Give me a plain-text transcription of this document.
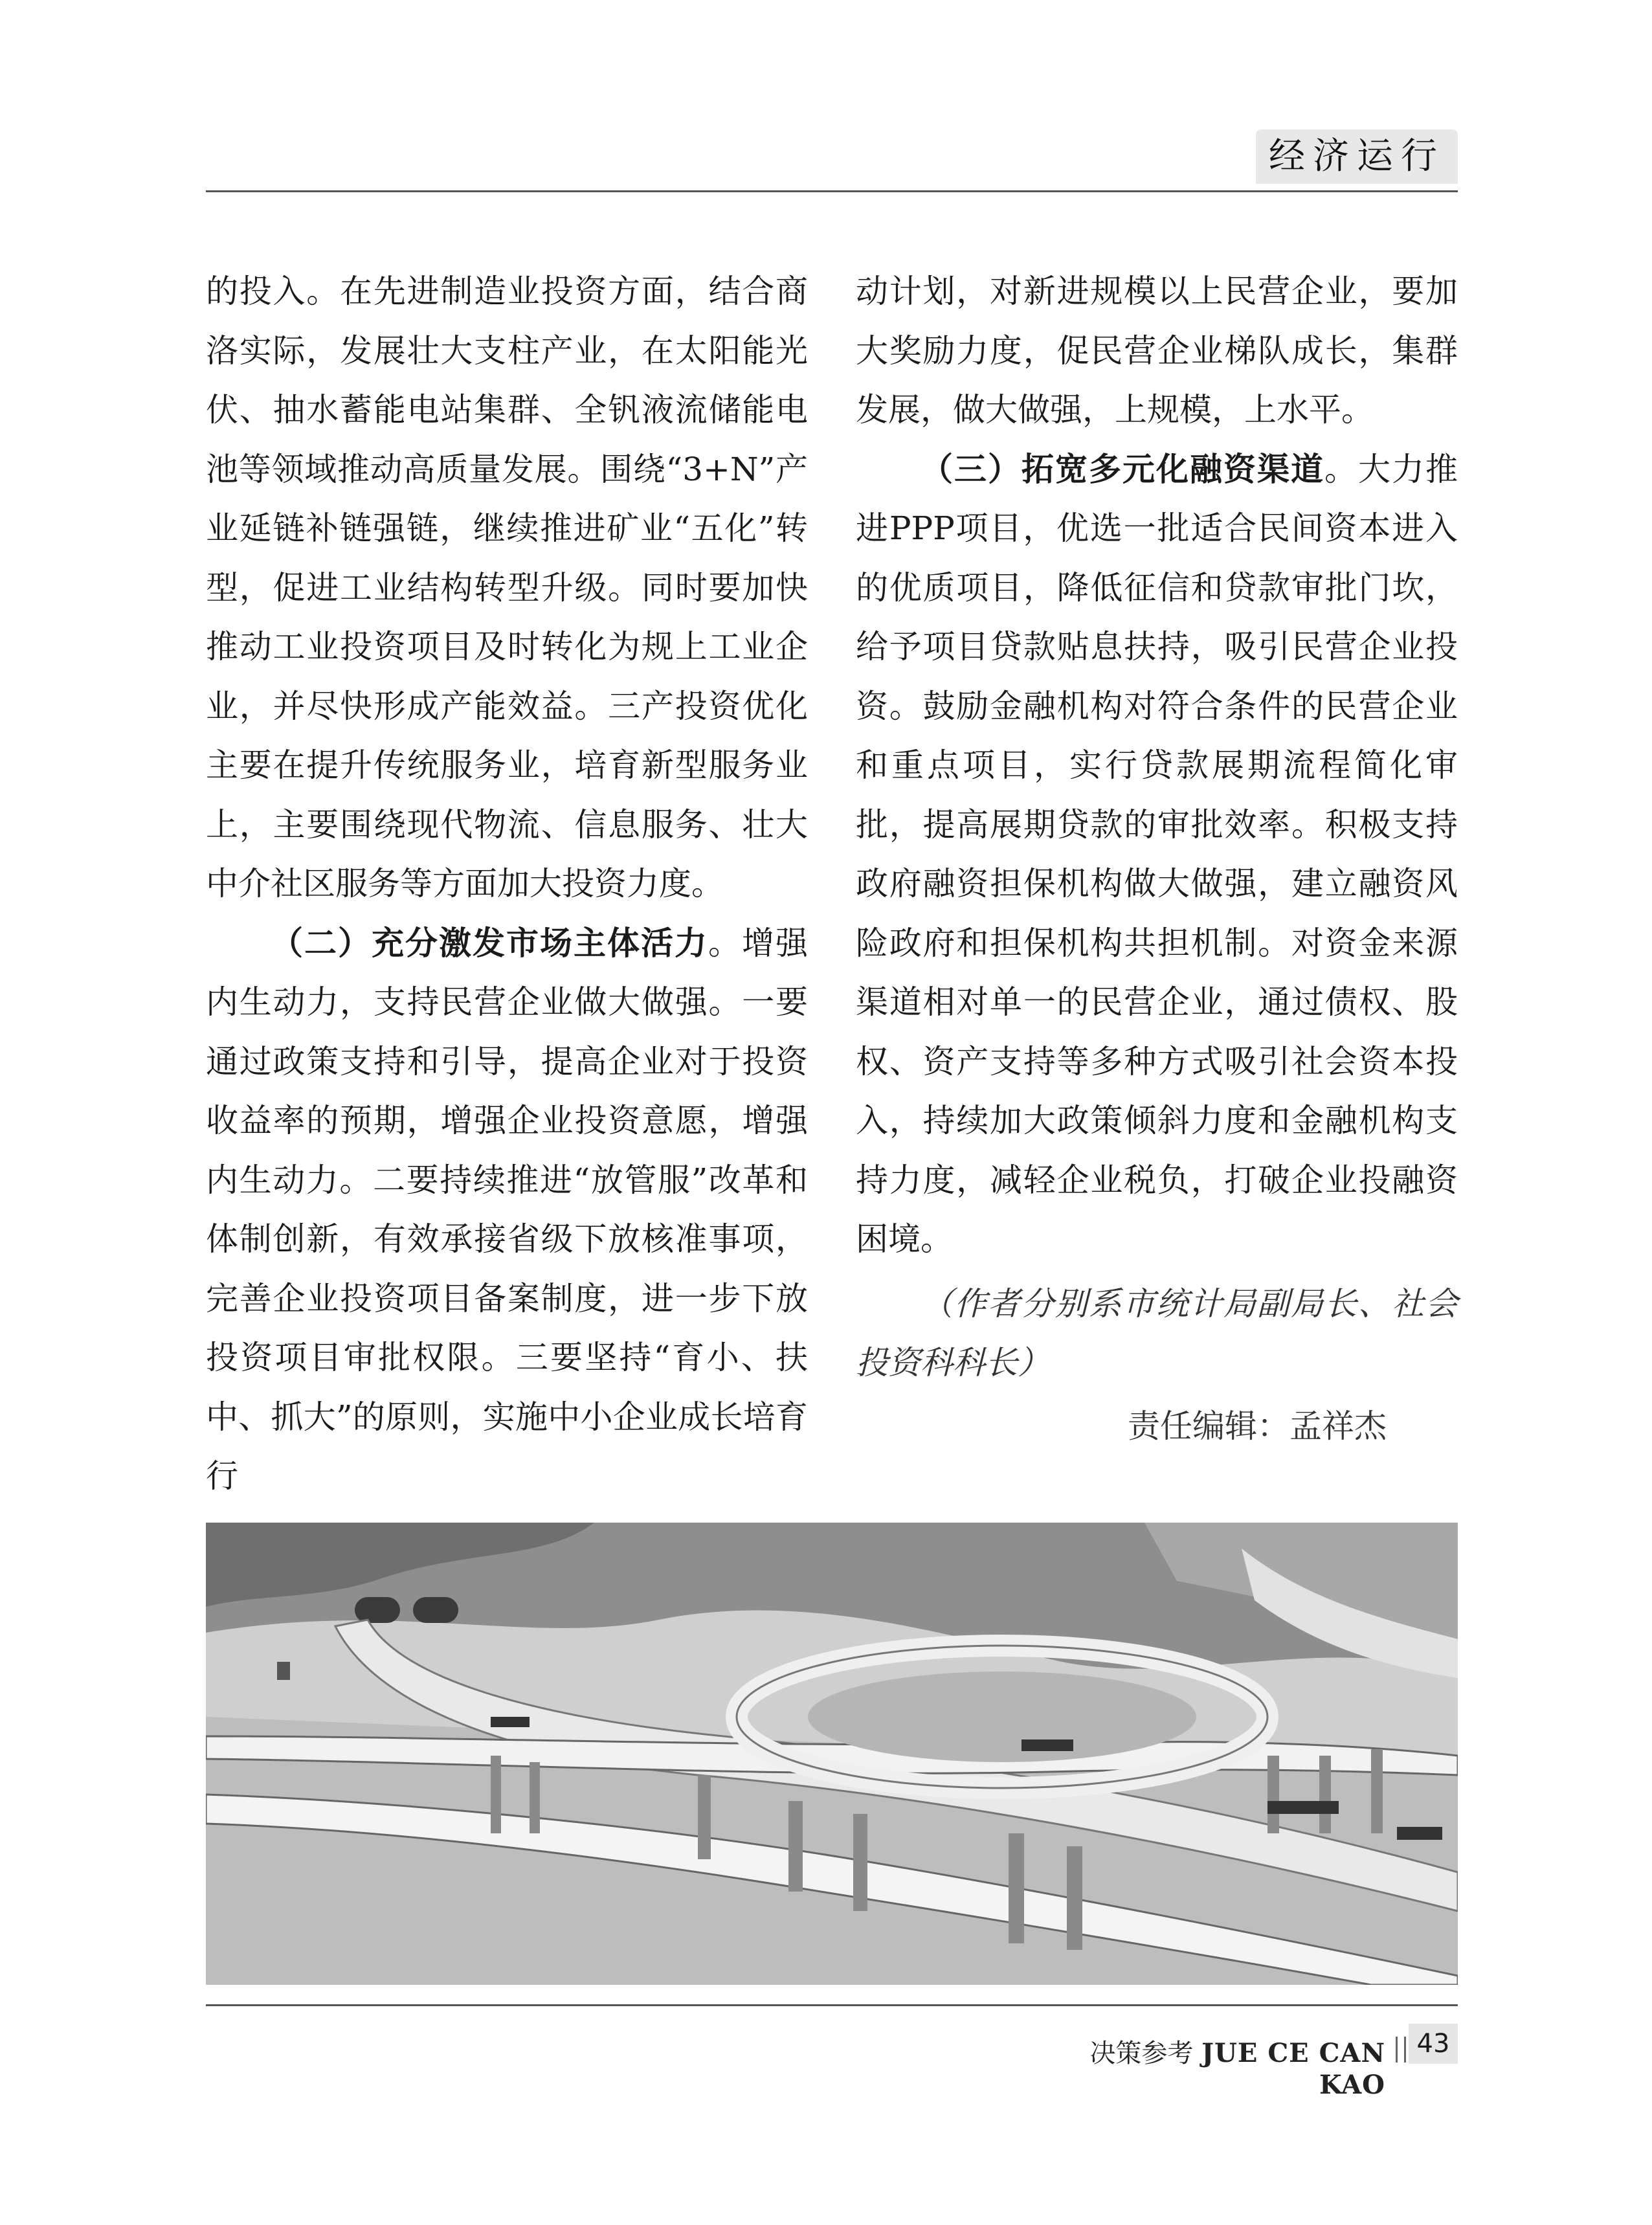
经济运行

的投入。在先进制造业投资方面，结合商洛实际，发展壮大支柱产业，在太阳能光伏、抽水蓄能电站集群、全钒液流储能电池等领域推动高质量发展。围绕“3+N”产业延链补链强链，继续推进矿业“五化”转型，促进工业结构转型升级。同时要加快推动工业投资项目及时转化为规上工业企业，并尽快形成产能效益。三产投资优化主要在提升传统服务业，培育新型服务业上，主要围绕现代物流、信息服务、壮大中介社区服务等方面加大投资力度。

（二）充分激发市场主体活力。增强内生动力，支持民营企业做大做强。一要通过政策支持和引导，提高企业对于投资收益率的预期，增强企业投资意愿，增强内生动力。二要持续推进“放管服”改革和体制创新，有效承接省级下放核准事项，完善企业投资项目备案制度，进一步下放投资项目审批权限。三要坚持“育小、扶中、抓大”的原则，实施中小企业成长培育行

动计划，对新进规模以上民营企业，要加大奖励力度，促民营企业梯队成长，集群发展，做大做强，上规模，上水平。

（三）拓宽多元化融资渠道。大力推进PPP项目，优选一批适合民间资本进入的优质项目，降低征信和贷款审批门坎，给予项目贷款贴息扶持，吸引民营企业投资。鼓励金融机构对符合条件的民营企业和重点项目，实行贷款展期流程简化审批，提高展期贷款的审批效率。积极支持政府融资担保机构做大做强，建立融资风险政府和担保机构共担机制。对资金来源渠道相对单一的民营企业，通过债权、股权、资产支持等多种方式吸引社会资本投入，持续加大政策倾斜力度和金融机构支持力度，减轻企业税负，打破企业投融资困境。

（作者分别系市统计局副局长、社会投资科科长）

责任编辑：孟祥杰

决策参考 JUE CE CAN KAO
43
